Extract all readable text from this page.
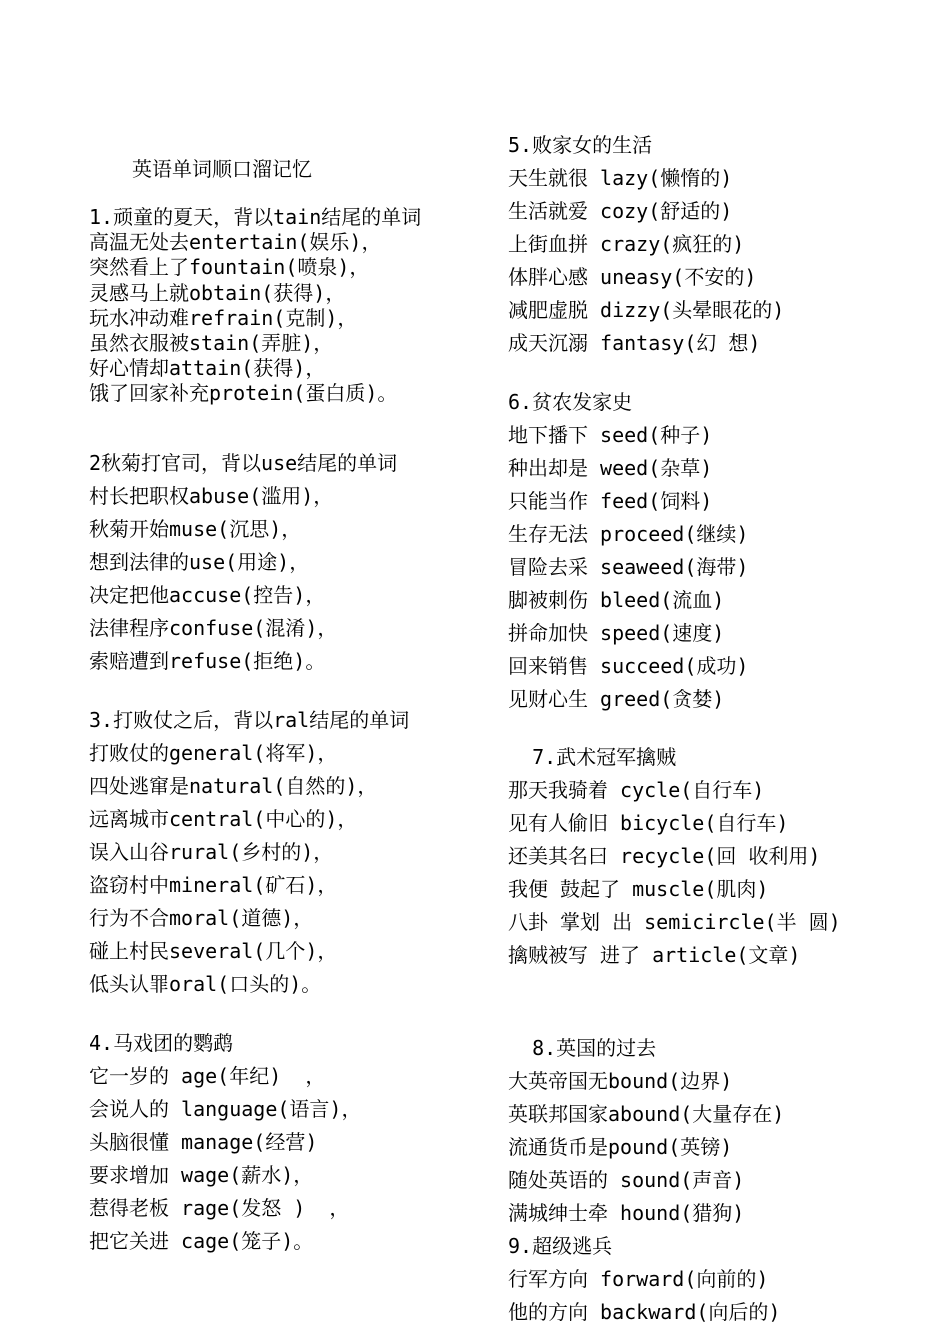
英语单词顺口溜记忆
1.顽童的夏天，背以tain结尾的单词
高温无处去entertain(娱乐)，
突然看上了fountain(喷泉)，
灵感马上就obtain(获得)，
玩水冲动难refrain(克制)，
虽然衣服被stain(弄脏)，
好心情却attain(获得)，
饿了回家补充protein(蛋白质)。
2秋菊打官司，背以use结尾的单词
村长把职权abuse(滥用)，
秋菊开始muse(沉思)，
想到法律的use(用途)，
决定把他accuse(控告)，
法律程序confuse(混淆)，
索赔遭到refuse(拒绝)。
3.打败仗之后，背以ral结尾的单词
打败仗的general(将军)，
四处逃窜是natural(自然的)，
远离城市central(中心的)，
误入山谷rural(乡村的)，
盗窃村中mineral(矿石)，
行为不合moral(道德)，
碰上村民several(几个)，
低头认罪oral(口头的)。
4.马戏团的鹦鹉
它一岁的 age(年纪)  ，
会说人的 language(语言)，
头脑很懂 manage(经营)
要求增加 wage(薪水)，
惹得老板 rage(发怒 )  ，
把它关进 cage(笼子)。
5.败家女的生活
天生就很 lazy(懒惰的)
生活就爱 cozy(舒适的)
上街血拼 crazy(疯狂的)
体胖心感 uneasy(不安的)
减肥虚脱 dizzy(头晕眼花的)
成天沉溺 fantasy(幻 想)
6.贫农发家史
地下播下 seed(种子)
种出却是 weed(杂草)
只能当作 feed(饲料)
生存无法 proceed(继续)
冒险去采 seaweed(海带)
脚被刺伤 bleed(流血)
拼命加快 speed(速度)
回来销售 succeed(成功)
见财心生 greed(贪婪)
7.武术冠军擒贼
那天我骑着 cycle(自行车)
见有人偷旧 bicycle(自行车)
还美其名曰 recycle(回 收利用)
我便 鼓起了 muscle(肌肉)
八卦 掌划 出 semicircle(半 圆)
擒贼被写 进了 article(文章)
8.英国的过去
大英帝国无bound(边界)
英联邦国家abound(大量存在)
流通货币是pound(英镑)
随处英语的 sound(声音)
满城绅士牵 hound(猎狗)
9.超级逃兵
行军方向 forward(向前的)
他的方向 backward(向后的)
